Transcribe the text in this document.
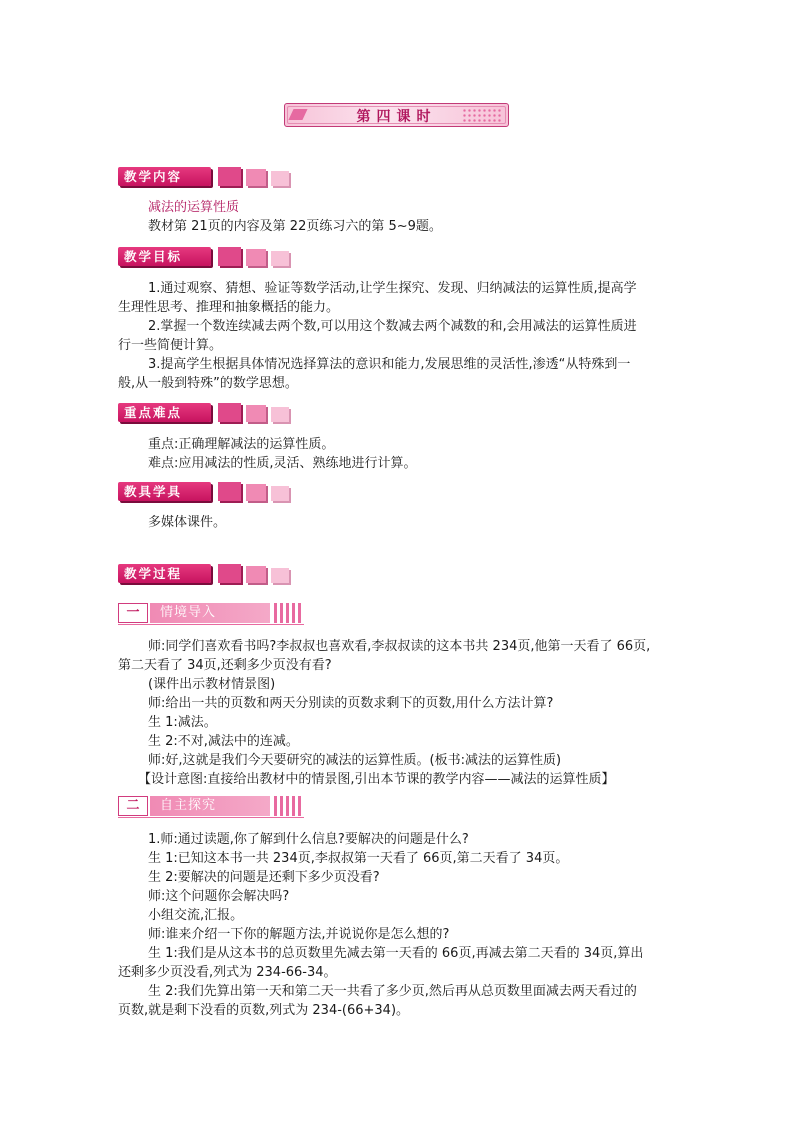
第四课时
教学内容
减法的运算性质
教材第 21页的内容及第 22页练习六的第 5~9题。
教学目标
1.通过观察、猜想、验证等数学活动,让学生探究、发现、归纳减法的运算性质,提高学
生理性思考、推理和抽象概括的能力。
2.掌握一个数连续减去两个数,可以用这个数减去两个减数的和,会用减法的运算性质进
行一些简便计算。
3.提高学生根据具体情况选择算法的意识和能力,发展思维的灵活性,渗透“从特殊到一
般,从一般到特殊”的数学思想。
重点难点
重点:正确理解减法的运算性质。
难点:应用减法的性质,灵活、熟练地进行计算。
教具学具
多媒体课件。
教学过程
一	情境导入
师:同学们喜欢看书吗?李叔叔也喜欢看,李叔叔读的这本书共 234页,他第一天看了 66页,
第二天看了 34页,还剩多少页没有看?
(课件出示教材情景图)
师:给出一共的页数和两天分别读的页数求剩下的页数,用什么方法计算?
生 1:减法。
生 2:不对,减法中的连减。
师:好,这就是我们今天要研究的减法的运算性质。(板书:减法的运算性质)
【设计意图:直接给出教材中的情景图,引出本节课的教学内容——减法的运算性质】
二	自主探究
1.师:通过读题,你了解到什么信息?要解决的问题是什么?
生 1:已知这本书一共 234页,李叔叔第一天看了 66页,第二天看了 34页。
生 2:要解决的问题是还剩下多少页没看?
师:这个问题你会解决吗?
小组交流,汇报。
师:谁来介绍一下你的解题方法,并说说你是怎么想的?
生 1:我们是从这本书的总页数里先减去第一天看的 66页,再减去第二天看的 34页,算出
还剩多少页没看,列式为 234-66-34。
生 2:我们先算出第一天和第二天一共看了多少页,然后再从总页数里面减去两天看过的
页数,就是剩下没看的页数,列式为 234-(66+34)。
